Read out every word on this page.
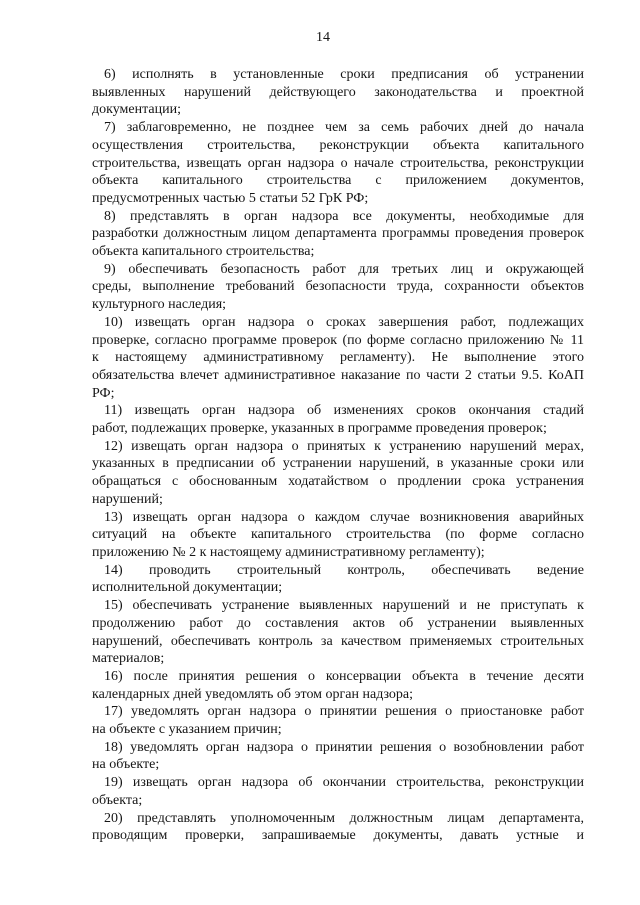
14
6) исполнять в установленные сроки предписания об устранении
выявленных нарушений действующего законодательства и проектной
документации;
7) заблаговременно, не позднее чем за семь рабочих дней до начала
осуществления строительства, реконструкции объекта капитального
строительства, извещать орган надзора о начале строительства, реконструкции
объекта капитального строительства с приложением документов,
предусмотренных частью 5 статьи 52 ГрК РФ;
8) представлять в орган надзора все документы, необходимые для
разработки должностным лицом департамента программы проведения проверок
объекта капитального строительства;
9) обеспечивать безопасность работ для третьих лиц и окружающей
среды, выполнение требований безопасности труда, сохранности объектов
культурного наследия;
10) извещать орган надзора о сроках завершения работ, подлежащих
проверке, согласно программе проверок (по форме согласно приложению № 11
к настоящему административному регламенту). Не выполнение этого
обязательства влечет административное наказание по части 2 статьи 9.5. КоАП
РФ;
11) извещать орган надзора об изменениях сроков окончания стадий
работ, подлежащих проверке, указанных в программе проведения проверок;
12) извещать орган надзора о принятых к устранению нарушений мерах,
указанных в предписании об устранении нарушений, в указанные сроки или
обращаться с обоснованным ходатайством о продлении срока устранения
нарушений;
13) извещать орган надзора о каждом случае возникновения аварийных
ситуаций на объекте капитального строительства (по форме согласно
приложению № 2 к настоящему административному регламенту);
14) проводить строительный контроль, обеспечивать ведение
исполнительной документации;
15) обеспечивать устранение выявленных нарушений и не приступать к
продолжению работ до составления актов об устранении выявленных
нарушений, обеспечивать контроль за качеством применяемых строительных
материалов;
16) после принятия решения о консервации объекта в течение десяти
календарных дней уведомлять об этом орган надзора;
17) уведомлять орган надзора о принятии решения о приостановке работ
на объекте с указанием причин;
18) уведомлять орган надзора о принятии решения о возобновлении работ
на объекте;
19) извещать орган надзора об окончании строительства, реконструкции
объекта;
20) представлять уполномоченным должностным лицам департамента,
проводящим проверки, запрашиваемые документы, давать устные и
